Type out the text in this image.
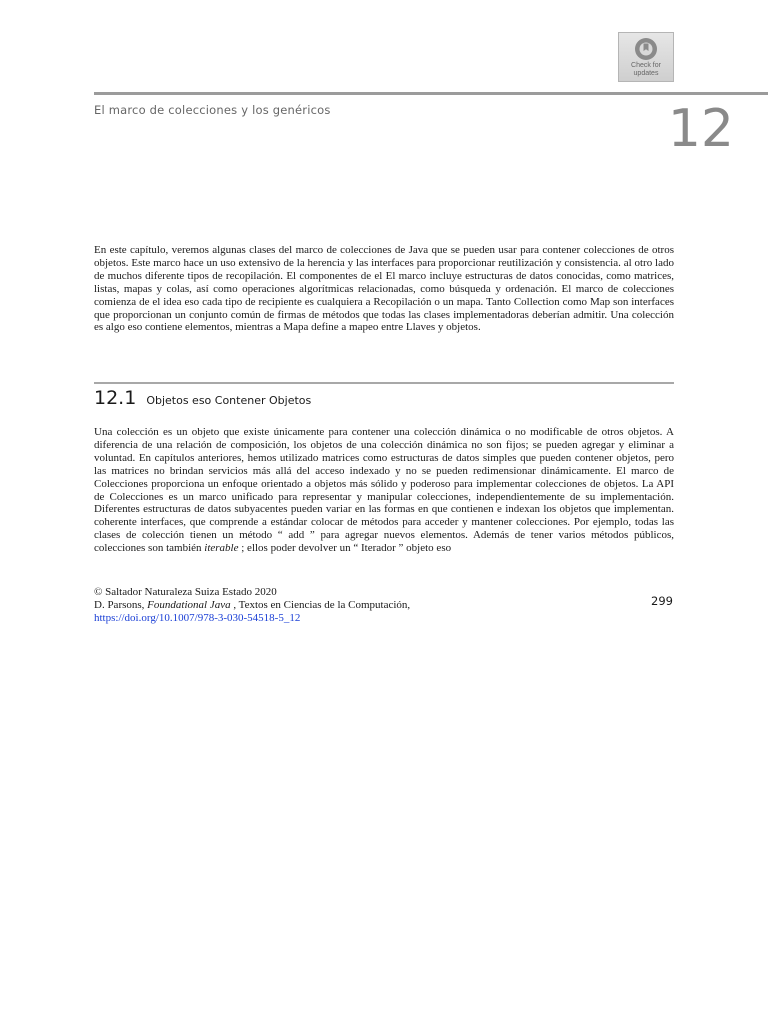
Check for
updates
El marco de colecciones y los genéricos	12

En este capítulo, veremos algunas clases del marco de colecciones de Java que se pueden usar para contener colecciones de otros objetos. Este marco hace un uso extensivo de la herencia y las interfaces para proporcionar reutilización y consistencia. al otro lado de muchos diferente tipos de recopilación. El componentes de el El marco incluye estructuras de datos conocidas, como matrices, listas, mapas y colas, así como operaciones algorítmicas relacionadas, como búsqueda y ordenación. El marco de colecciones comienza de el idea eso cada tipo de recipiente es cualquiera a Recopilación o un mapa. Tanto Collection como Map son interfaces que proporcionan un conjunto común de firmas de métodos que todas las clases implementadoras deberían admitir. Una colección es algo eso contiene elementos, mientras a Mapa define a mapeo entre Llaves y objetos.

12.1 Objetos eso Contener Objetos

Una colección es un objeto que existe únicamente para contener una colección dinámica o no modificable de otros objetos. A diferencia de una relación de composición, los objetos de una colección dinámica no son fijos; se pueden agregar y eliminar a voluntad. En capítulos anteriores, hemos utilizado matrices como estructuras de datos simples que pueden contener objetos, pero las matrices no brindan servicios más allá del acceso indexado y no se pueden redimensionar dinámicamente. El marco de Colecciones proporciona un enfoque orientado a objetos más sólido y poderoso para implementar colecciones de objetos. La API de Colecciones es un marco unificado para representar y manipular colecciones, independientemente de su implementación. Diferentes estructuras de datos subyacentes pueden variar en las formas en que contienen e indexan los objetos que implementan. coherente interfaces, que comprende a estándar colocar de métodos para acceder y mantener colecciones. Por ejemplo, todas las clases de colección tienen un método “ add ” para agregar nuevos elementos. Además de tener varios métodos públicos, colecciones son también iterable ; ellos poder devolver un “ Iterador ” objeto eso

© Saltador Naturaleza Suiza Estado 2020
D. Parsons, Foundational Java , Textos en Ciencias de la Computación,
https://doi.org/10.1007/978-3-030-54518-5_12
299
